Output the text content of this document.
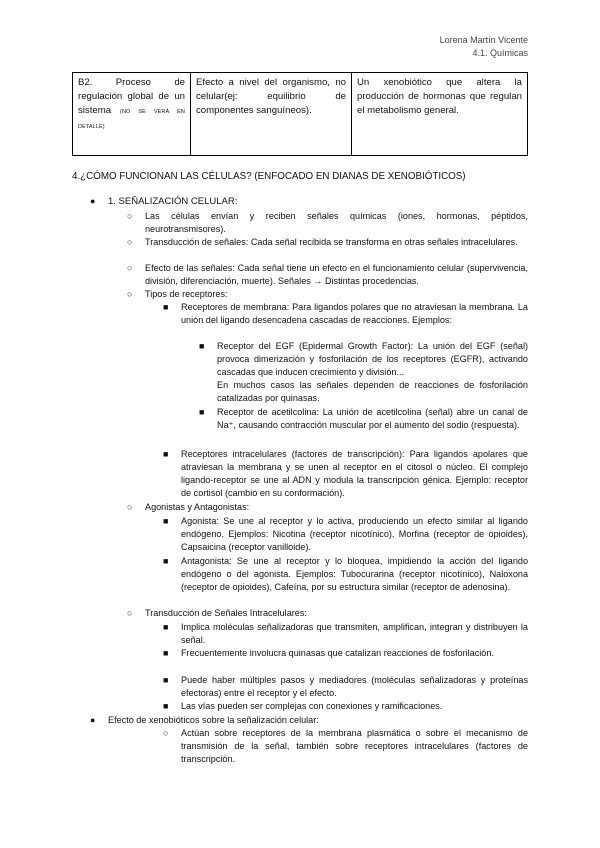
Lorena Martín Vicente
4.1. Químicas
B2. Proceso de regulación global de un sistema (NO SE VERÁ EN DETALLE)	Efecto a nivel del organismo, no celular(ej: equilibrio de componentes sanguíneos).	Un xenobiótico que altera la producción de hormonas que regulan el metabolismo general.
4.¿CÓMO FUNCIONAN LAS CÉLULAS? (ENFOCADO EN DIANAS DE XENOBIÓTICOS)
● 1. SEÑALIZACIÓN CELULAR:
○ Las células envían y reciben señales químicas (iones, hormonas, péptidos, neurotransmisores).
○ Transducción de señales: Cada señal recibida se transforma en otras señales intracelulares.
○ Efecto de las señales: Cada señal tiene un efecto en el funcionamiento celular (supervivencia, división, diferenciación, muerte). Señales → Distintas procedencias.
○ Tipos de receptores:
■ Receptores de membrana: Para ligandos polares que no atraviesan la membrana. La unión del ligando desencadena cascadas de reacciones. Ejemplos:
■ Receptor del EGF (Epidermal Growth Factor): La unión del EGF (señal) provoca dimerización y fosforilación de los receptores (EGFR), activando cascadas que inducen crecimiento y división...
En muchos casos las señales dependen de reacciones de fosforilación catalizadas por quinasas.
■ Receptor de acetilcolina: La unión de acetilcolina (señal) abre un canal de Na⁺, causando contracción muscular por el aumento del sodio (respuesta).
■ Receptores intracelulares (factores de transcripción): Para ligandos apolares que atraviesan la membrana y se unen al receptor en el citosol o núcleo. El complejo ligando-receptor se une al ADN y modula la transcripción génica. Ejemplo: receptor de cortisol (cambio en su conformación).
○ Agonistas y Antagonistas:
■ Agonista: Se une al receptor y lo activa, produciendo un efecto similar al ligando endógeno. Ejemplos: Nicotina (receptor nicotínico), Morfina (receptor de opioides), Capsaicina (receptor vanilloide).
■ Antagonista: Se une al receptor y lo bloquea, impidiendo la acción del ligando endógeno o del agonista. Ejemplos: Tubocurarina (receptor nicotínico), Naloxona (receptor de opioides), Cafeína, por su estructura similar (receptor de adenosina).
○ Transducción de Señales Intracelulares:
■ Implica moléculas señalizadoras que transmiten, amplifican, integran y distribuyen la señal.
■ Frecuentemente involucra quinasas que catalizan reacciones de fosforilación.
■ Puede haber múltiples pasos y mediadores (moléculas señalizadoras y proteínas efectoras) entre el receptor y el efecto.
■ Las vías pueden ser complejas con conexiones y ramificaciones.
● Efecto de xenobióticos sobre la señalización celular:
○ Actúan sobre receptores de la membrana plasmática o sobre el mecanismo de transmisión de la señal, también sobre receptores intracelulares (factores de transcripción.
